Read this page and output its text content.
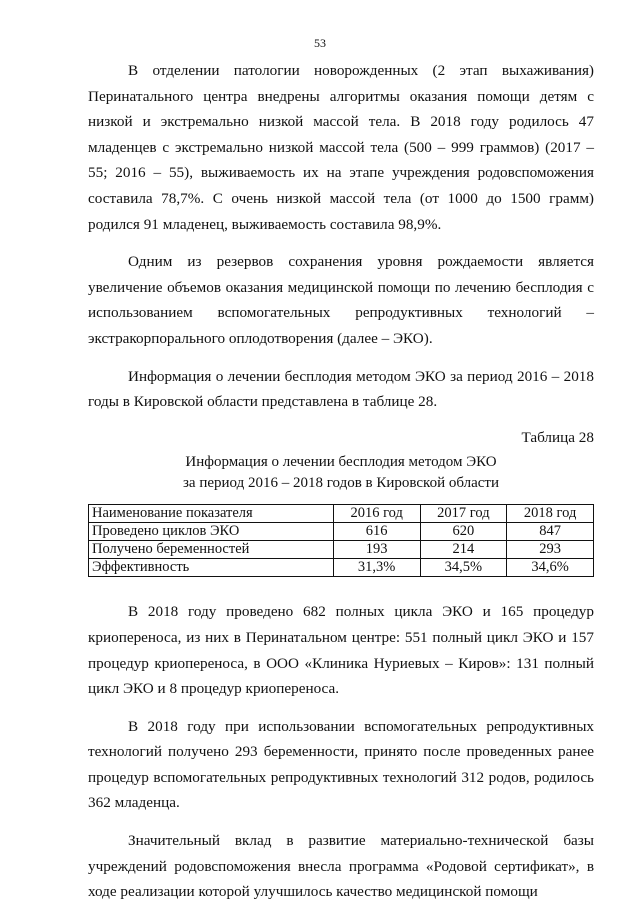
53

В отделении патологии новорожденных (2 этап выхаживания) Перинатального центра внедрены алгоритмы оказания помощи детям с низкой и экстремально низкой массой тела. В 2018 году родилось 47 младенцев с экстремально низкой массой тела (500 – 999 граммов) (2017 – 55; 2016 – 55), выживаемость их на этапе учреждения родовспоможения составила 78,7%. С очень низкой массой тела (от 1000 до 1500 грамм) родился 91 младенец, выживаемость составила 98,9%.

Одним из резервов сохранения уровня рождаемости является увеличение объемов оказания медицинской помощи по лечению бесплодия с использованием вспомогательных репродуктивных технологий – экстракорпорального оплодотворения (далее – ЭКО).

Информация о лечении бесплодия методом ЭКО за период 2016 – 2018 годы в Кировской области представлена в таблице 28.

Таблица 28
Информация о лечении бесплодия методом ЭКО
за период 2016 – 2018 годов в Кировской области
Наименование показателя	2016 год	2017 год	2018 год
Проведено циклов ЭКО	616	620	847
Получено беременностей	193	214	293
Эффективность	31,3%	34,5%	34,6%

В 2018 году проведено 682 полных цикла ЭКО и 165 процедур криопереноса, из них в Перинатальном центре: 551 полный цикл ЭКО и 157 процедур криопереноса, в ООО «Клиника Нуриевых – Киров»: 131 полный цикл ЭКО и 8 процедур криопереноса.

В 2018 году при использовании вспомогательных репродуктивных технологий получено 293 беременности, принято после проведенных ранее процедур вспомогательных репродуктивных технологий 312 родов, родилось 362 младенца.

Значительный вклад в развитие материально-технической базы учреждений родовспоможения внесла программа «Родовой сертификат», в ходе реализации которой улучшилось качество медицинской помощи
